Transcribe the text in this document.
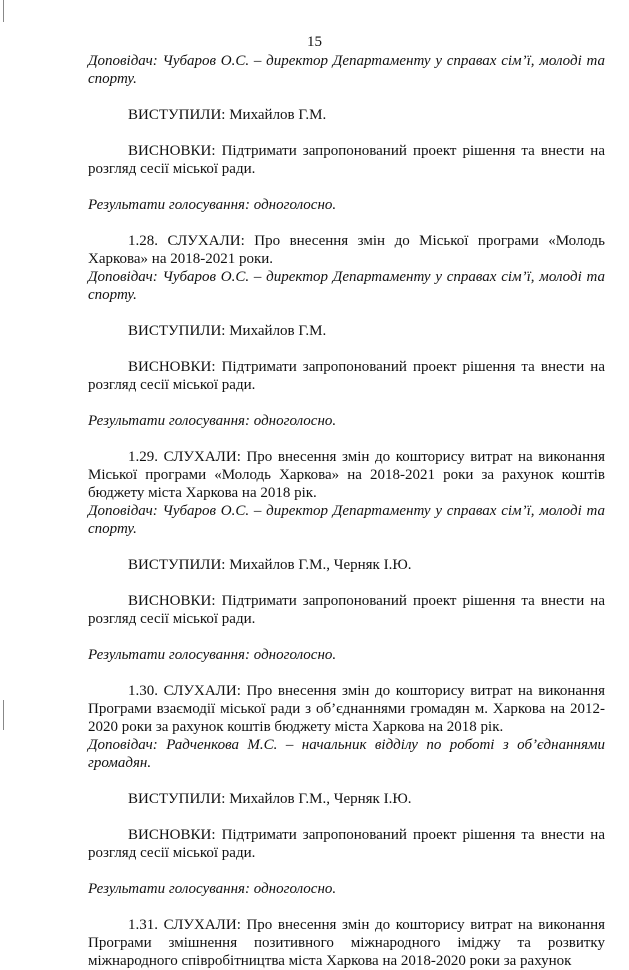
15

Доповідач: Чубаров О.С. – директор Департаменту у справах сім’ї, молоді та спорту.

ВИСТУПИЛИ: Михайлов Г.М.

ВИСНОВКИ: Підтримати запропонований проект рішення та внести на розгляд сесії міської ради.

Результати голосування: одноголосно.

1.28. СЛУХАЛИ: Про внесення змін до Міської програми «Молодь Харкова» на 2018-2021 роки.

Доповідач: Чубаров О.С. – директор Департаменту у справах сім’ї, молоді та спорту.

ВИСТУПИЛИ: Михайлов Г.М.

ВИСНОВКИ: Підтримати запропонований проект рішення та внести на розгляд сесії міської ради.

Результати голосування: одноголосно.

1.29. СЛУХАЛИ: Про внесення змін до кошторису витрат на виконання Міської програми «Молодь Харкова» на 2018-2021 роки за рахунок коштів бюджету міста Харкова на 2018 рік.

Доповідач: Чубаров О.С. – директор Департаменту у справах сім’ї, молоді та спорту.

ВИСТУПИЛИ: Михайлов Г.М., Черняк І.Ю.

ВИСНОВКИ: Підтримати запропонований проект рішення та внести на розгляд сесії міської ради.

Результати голосування: одноголосно.

1.30. СЛУХАЛИ: Про внесення змін до кошторису витрат на виконання Програми взаємодії міської ради з об’єднаннями громадян м. Харкова на 2012-2020 роки за рахунок коштів бюджету міста Харкова на 2018 рік.

Доповідач: Радченкова М.С. – начальник відділу по роботі з об’єднаннями громадян.

ВИСТУПИЛИ: Михайлов Г.М., Черняк І.Ю.

ВИСНОВКИ: Підтримати запропонований проект рішення та внести на розгляд сесії міської ради.

Результати голосування: одноголосно.

1.31. СЛУХАЛИ: Про внесення змін до кошторису витрат на виконання Програми змішнення позитивного міжнародного іміджу та розвитку міжнародного співробітництва міста Харкова на 2018-2020 роки за рахунок
